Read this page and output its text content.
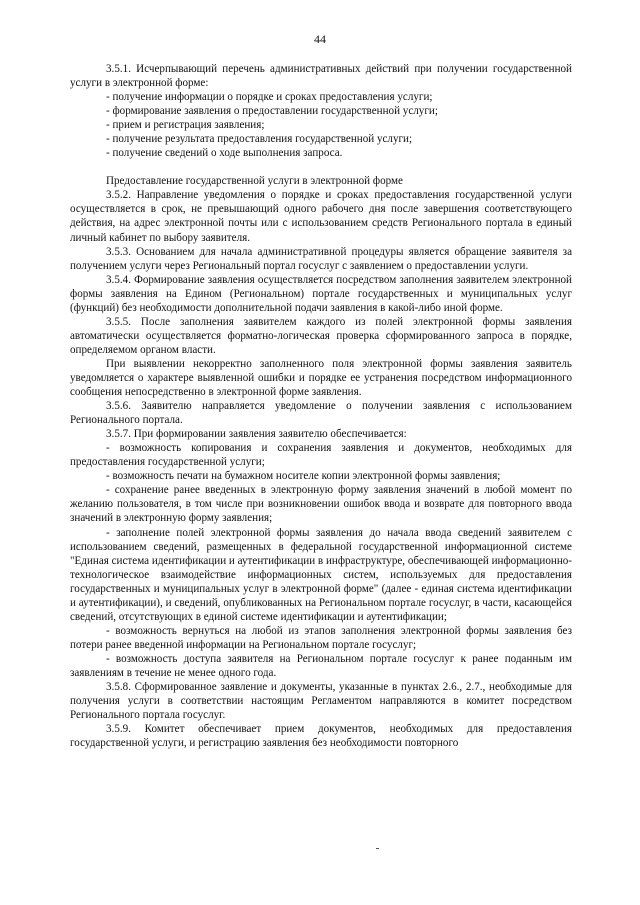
44

3.5.1. Исчерпывающий перечень административных действий при получении государственной услуги в электронной форме:

- получение информации о порядке и сроках предоставления услуги;

- формирование заявления о предоставлении государственной услуги;

- прием и регистрация заявления;

- получение результата предоставления государственной услуги;

- получение сведений о ходе выполнения запроса.

Предоставление государственной услуги в электронной форме

3.5.2. Направление уведомления о порядке и сроках предоставления государственной услуги осуществляется в срок, не превышающий одного рабочего дня после завершения соответствующего действия, на адрес электронной почты или с использованием средств Регионального портала в единый личный кабинет по выбору заявителя.

3.5.3. Основанием для начала административной процедуры является обращение заявителя за получением услуги через Региональный портал госуслуг с заявлением о предоставлении услуги.

3.5.4. Формирование заявления осуществляется посредством заполнения заявителем электронной формы заявления на Едином (Региональном) портале государственных и муниципальных услуг (функций) без необходимости дополнительной подачи заявления в какой-либо иной форме.

3.5.5. После заполнения заявителем каждого из полей электронной формы заявления автоматически осуществляется форматно-логическая проверка сформированного запроса в порядке, определяемом органом власти.

При выявлении некорректно заполненного поля электронной формы заявления заявитель уведомляется о характере выявленной ошибки и порядке ее устранения посредством информационного сообщения непосредственно в электронной форме заявления.

3.5.6. Заявителю направляется уведомление о получении заявления с использованием Регионального портала.

3.5.7. При формировании заявления заявителю обеспечивается:

- возможность копирования и сохранения заявления и документов, необходимых для предоставления государственной услуги;

- возможность печати на бумажном носителе копии электронной формы заявления;

- сохранение ранее введенных в электронную форму заявления значений в любой момент по желанию пользователя, в том числе при возникновении ошибок ввода и возврате для повторного ввода значений в электронную форму заявления;

- заполнение полей электронной формы заявления до начала ввода сведений заявителем с использованием сведений, размещенных в федеральной государственной информационной системе "Единая система идентификации и аутентификации в инфраструктуре, обеспечивающей информационно-технологическое взаимодействие информационных систем, используемых для предоставления государственных и муниципальных услуг в электронной форме" (далее - единая система идентификации и аутентификации), и сведений, опубликованных на Региональном портале госуслуг, в части, касающейся сведений, отсутствующих в единой системе идентификации и аутентификации;

- возможность вернуться на любой из этапов заполнения электронной формы заявления без потери ранее введенной информации на Региональном портале госуслуг;

- возможность доступа заявителя на Региональном портале госуслуг к ранее поданным им заявлениям в течение не менее одного года.

3.5.8. Сформированное заявление и документы, указанные в пунктах 2.6., 2.7., необходимые для получения услуги в соответствии настоящим Регламентом направляются в комитет посредством Регионального портала госуслуг.

3.5.9. Комитет обеспечивает прием документов, необходимых для предоставления государственной услуги, и регистрацию заявления без необходимости повторного
